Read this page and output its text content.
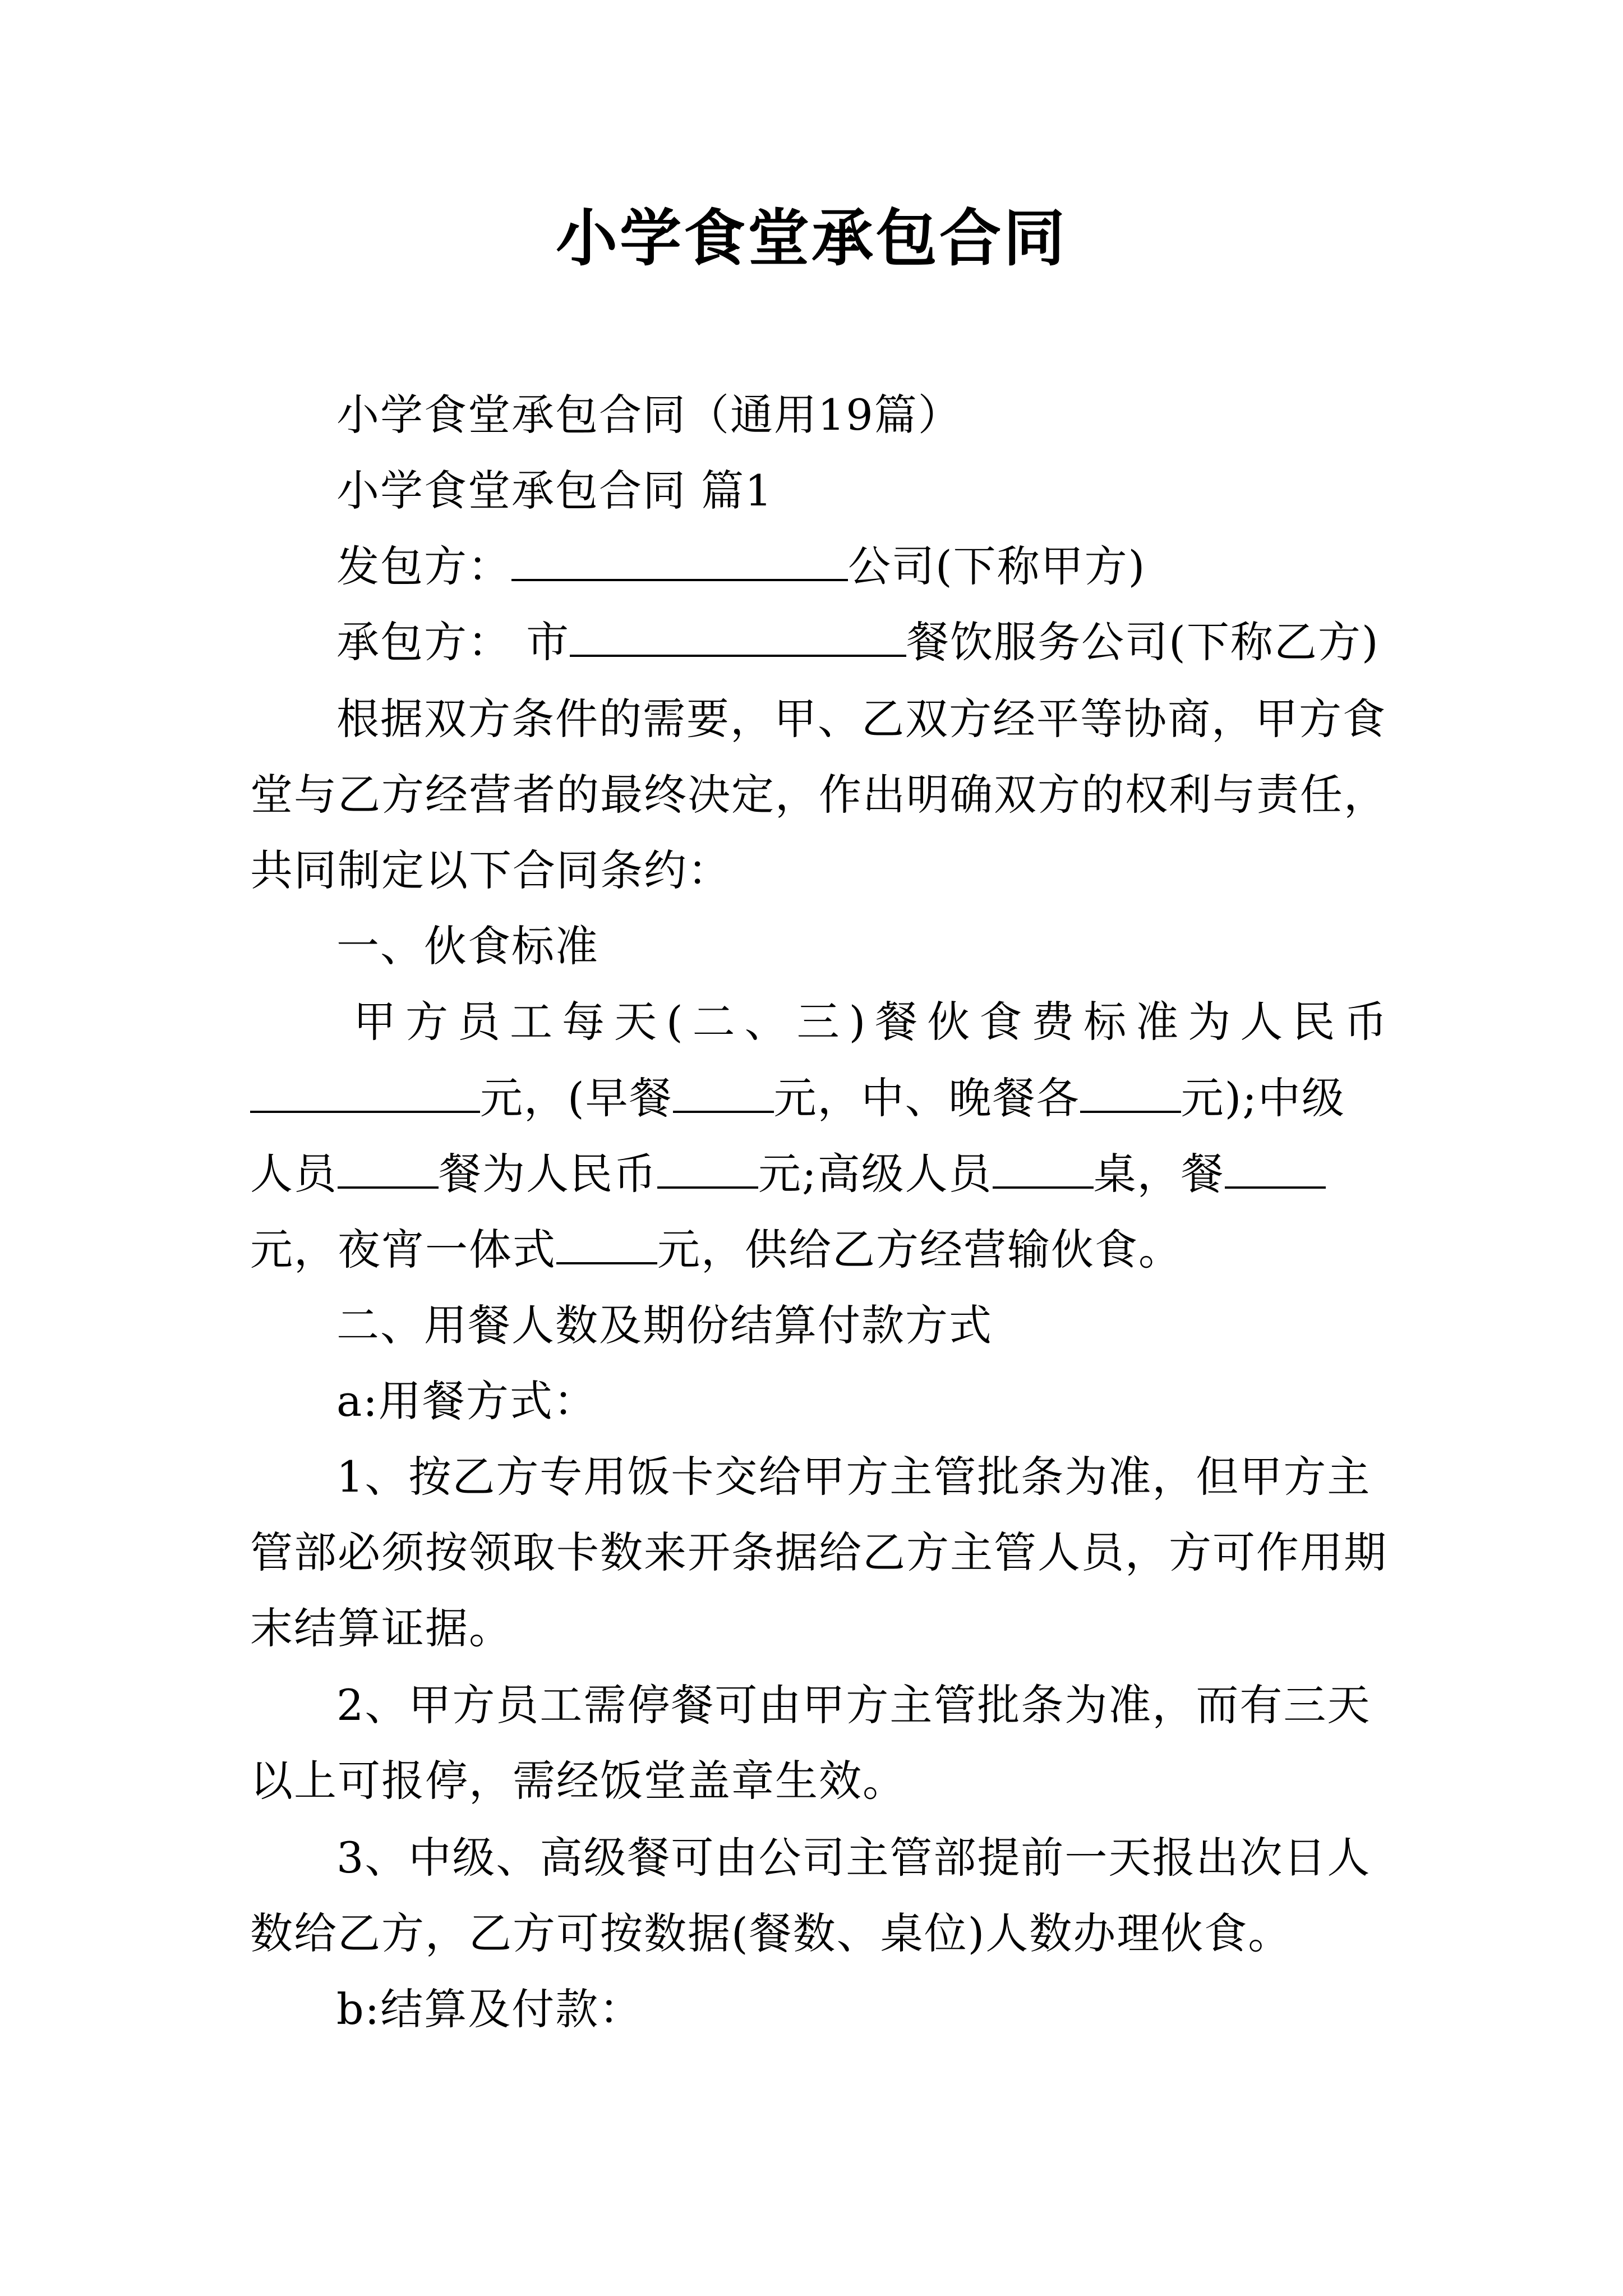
小学食堂承包合同
小学食堂承包合同（通用19篇）
小学食堂承包合同 篇1
发包方：	公司(下称甲方)
承包方： 市	餐饮服务公司(下称乙方)
根据双方条件的需要，甲、乙双方经平等协商，甲方食
堂与乙方经营者的最终决定，作出明确双方的权利与责任，
共同制定以下合同条约：
一、伙食标准
甲方员工每天(二、三)餐伙食费标准为人民币
元，(早餐 元，中、晚餐各 元);中级
人员 餐为人民币 元;高级人员 桌，餐
元，夜宵一体式 元，供给乙方经营输伙食。
二、用餐人数及期份结算付款方式
a:用餐方式：
1、按乙方专用饭卡交给甲方主管批条为准，但甲方主
管部必须按领取卡数来开条据给乙方主管人员，方可作用期
末结算证据。
2、甲方员工需停餐可由甲方主管批条为准，而有三天
以上可报停，需经饭堂盖章生效。
3、中级、高级餐可由公司主管部提前一天报出次日人
数给乙方，乙方可按数据(餐数、桌位)人数办理伙食。
b:结算及付款：
